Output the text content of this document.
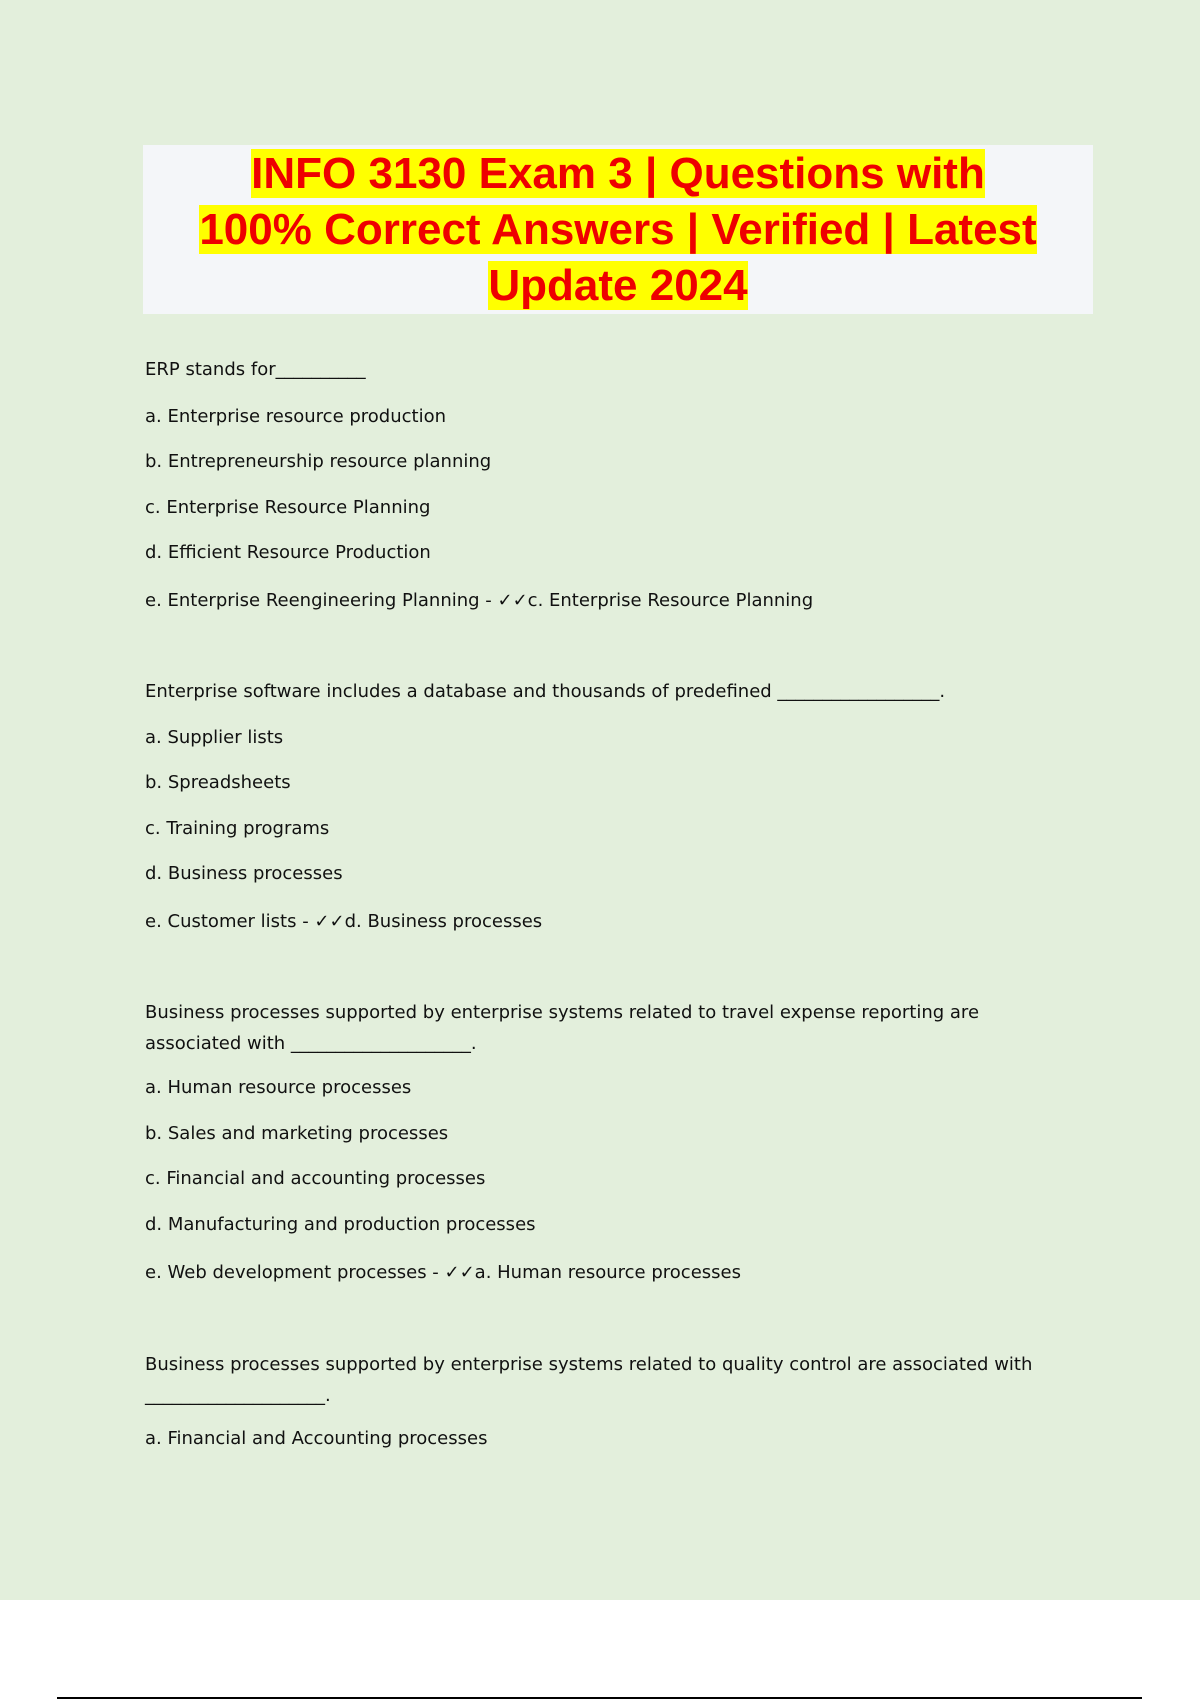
INFO 3130 Exam 3 | Questions with
100% Correct Answers | Verified | Latest
Update 2024
ERP stands for__________
a. Enterprise resource production
b. Entrepreneurship resource planning
c. Enterprise Resource Planning
d. Efficient Resource Production
e. Enterprise Reengineering Planning - ✓✓c. Enterprise Resource Planning
Enterprise software includes a database and thousands of predefined __________________.
a. Supplier lists
b. Spreadsheets
c. Training programs
d. Business processes
e. Customer lists - ✓✓d. Business processes
Business processes supported by enterprise systems related to travel expense reporting are associated with ____________________.
a. Human resource processes
b. Sales and marketing processes
c. Financial and accounting processes
d. Manufacturing and production processes
e. Web development processes - ✓✓a. Human resource processes
Business processes supported by enterprise systems related to quality control are associated with ____________________.
a. Financial and Accounting processes
